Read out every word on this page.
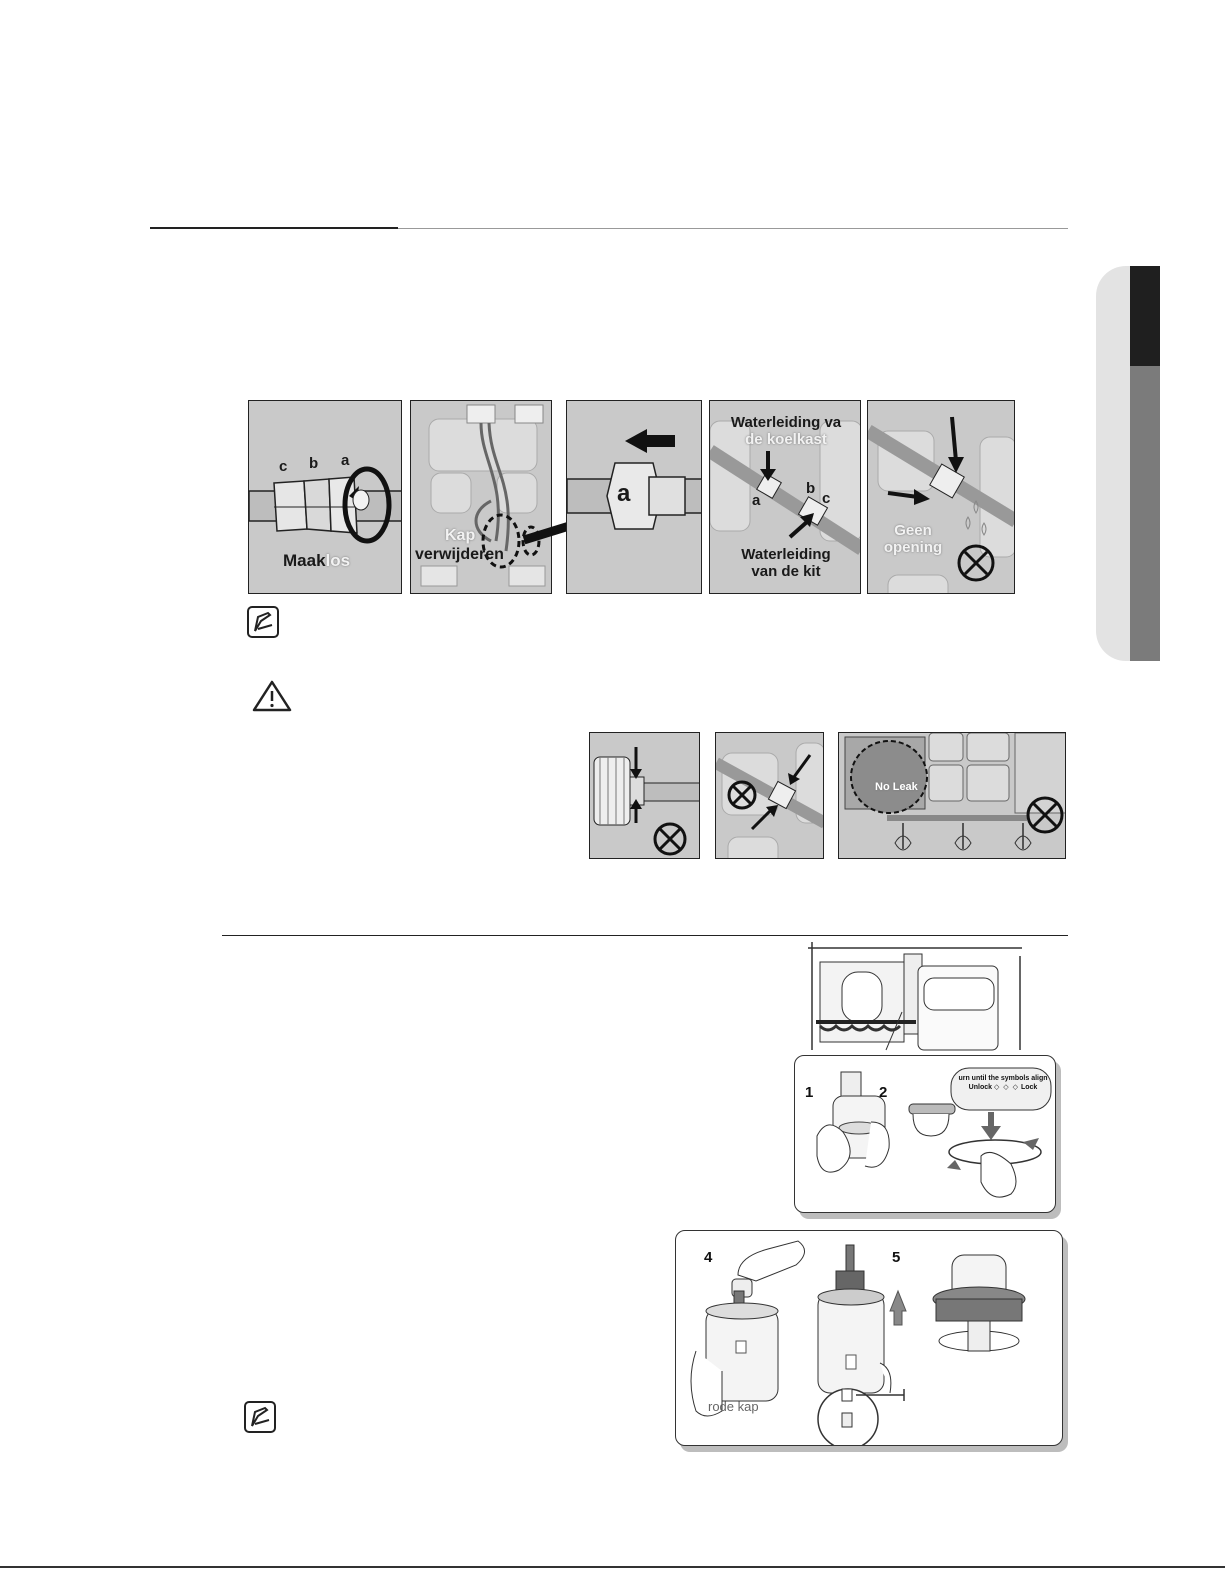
c b a
Maaklos
Kap
verwijderen
a
Waterleiding va
de koelkast
a
b
c
Waterleiding
van de kit
Geen
opening
No Leak
1	2
urn until the symbols align
Unlock ◇ ◇ ◇ Lock
4	5
rode kap
